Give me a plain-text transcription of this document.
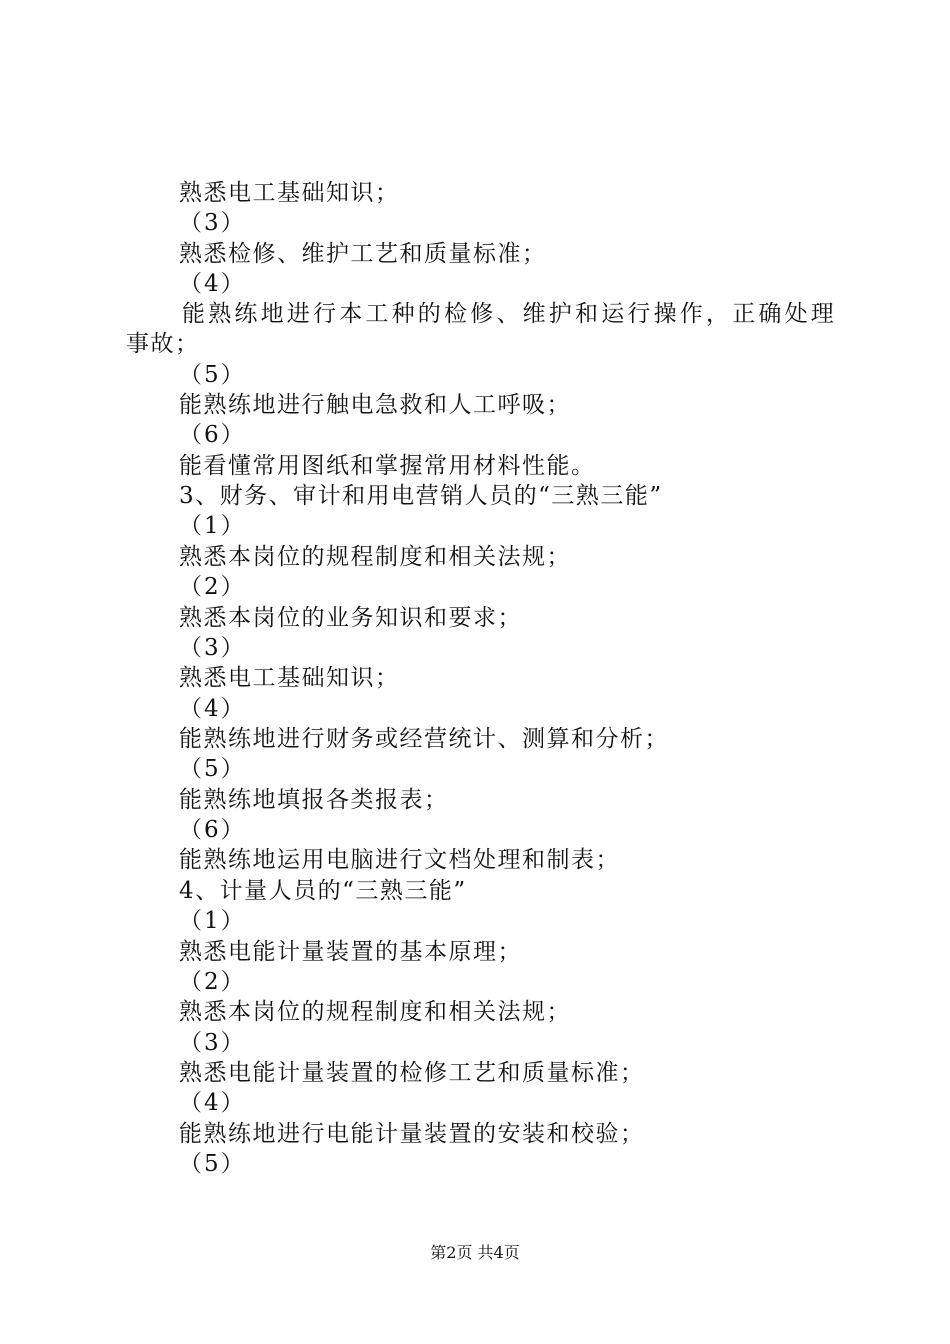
熟悉电工基础知识；
（3）
熟悉检修、维护工艺和质量标准；
（4）
能熟练地进行本工种的检修、维护和运行操作，正确处理
事故；
（5）
能熟练地进行触电急救和人工呼吸；
（6）
能看懂常用图纸和掌握常用材料性能。
3、财务、审计和用电营销人员的“三熟三能”
（1）
熟悉本岗位的规程制度和相关法规；
（2）
熟悉本岗位的业务知识和要求；
（3）
熟悉电工基础知识；
（4）
能熟练地进行财务或经营统计、测算和分析；
（5）
能熟练地填报各类报表；
（6）
能熟练地运用电脑进行文档处理和制表；
4、计量人员的“三熟三能”
（1）
熟悉电能计量装置的基本原理；
（2）
熟悉本岗位的规程制度和相关法规；
（3）
熟悉电能计量装置的检修工艺和质量标准；
（4）
能熟练地进行电能计量装置的安装和校验；
（5）
第2页 共4页
